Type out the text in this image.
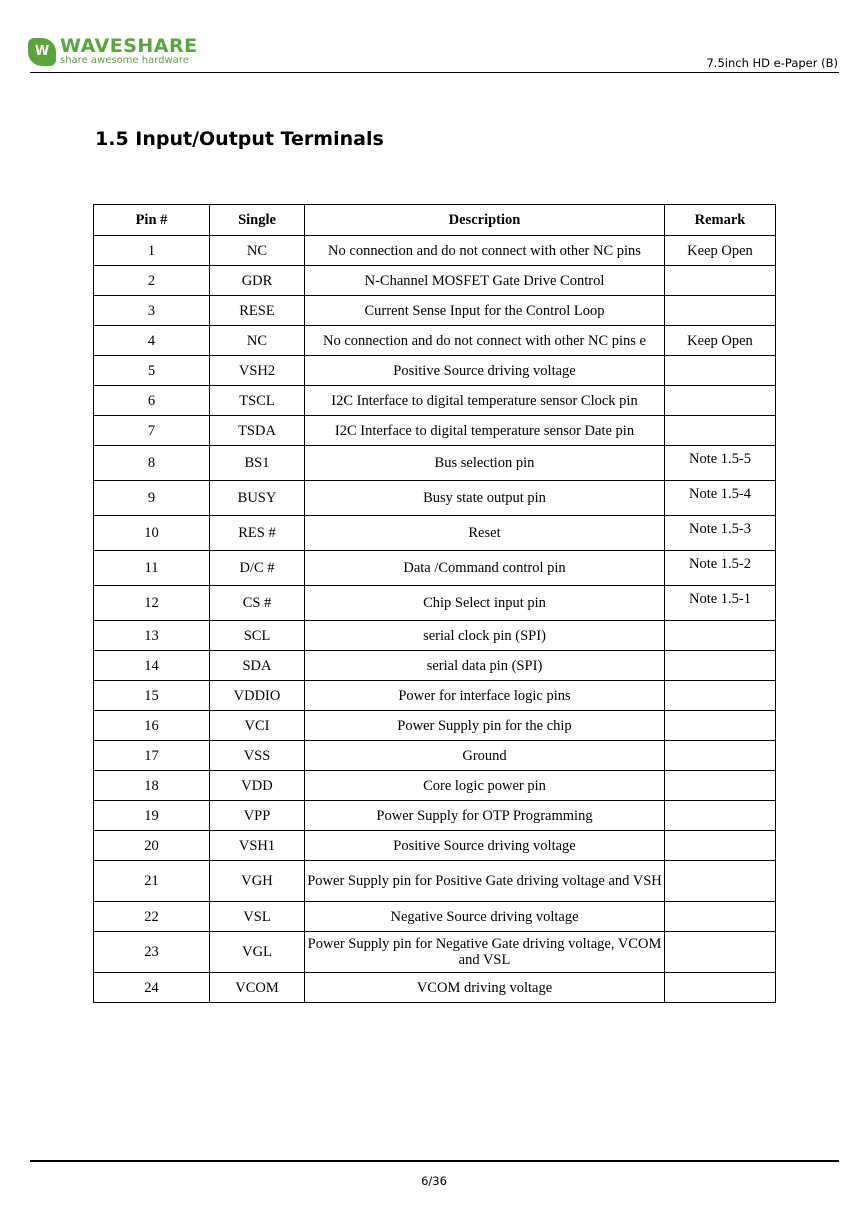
W WAVESHARE
share awesome hardware	7.5inch HD e-Paper (B)
1.5 Input/Output Terminals
Pin #	Single	Description	Remark
1	NC	No connection and do not connect with other NC pins	Keep Open
2	GDR	N-Channel MOSFET Gate Drive Control	
3	RESE	Current Sense Input for the Control Loop	
4	NC	No connection and do not connect with other NC pins e	Keep Open
5	VSH2	Positive Source driving voltage	
6	TSCL	I2C Interface to digital temperature sensor Clock pin	
7	TSDA	I2C Interface to digital temperature sensor Date pin	
8	BS1	Bus selection pin	Note 1.5-5
9	BUSY	Busy state output pin	Note 1.5-4
10	RES #	Reset	Note 1.5-3
11	D/C #	Data /Command control pin	Note 1.5-2
12	CS #	Chip Select input pin	Note 1.5-1
13	SCL	serial clock pin (SPI)	
14	SDA	serial data pin (SPI)	
15	VDDIO	Power for interface logic pins	
16	VCI	Power Supply pin for the chip	
17	VSS	Ground	
18	VDD	Core logic power pin	
19	VPP	Power Supply for OTP Programming	
20	VSH1	Positive Source driving voltage	
21	VGH	Power Supply pin for Positive Gate driving voltage and VSH	
22	VSL	Negative Source driving voltage	
23	VGL	Power Supply pin for Negative Gate driving voltage, VCOM and VSL	
24	VCOM	VCOM driving voltage	
6/36
